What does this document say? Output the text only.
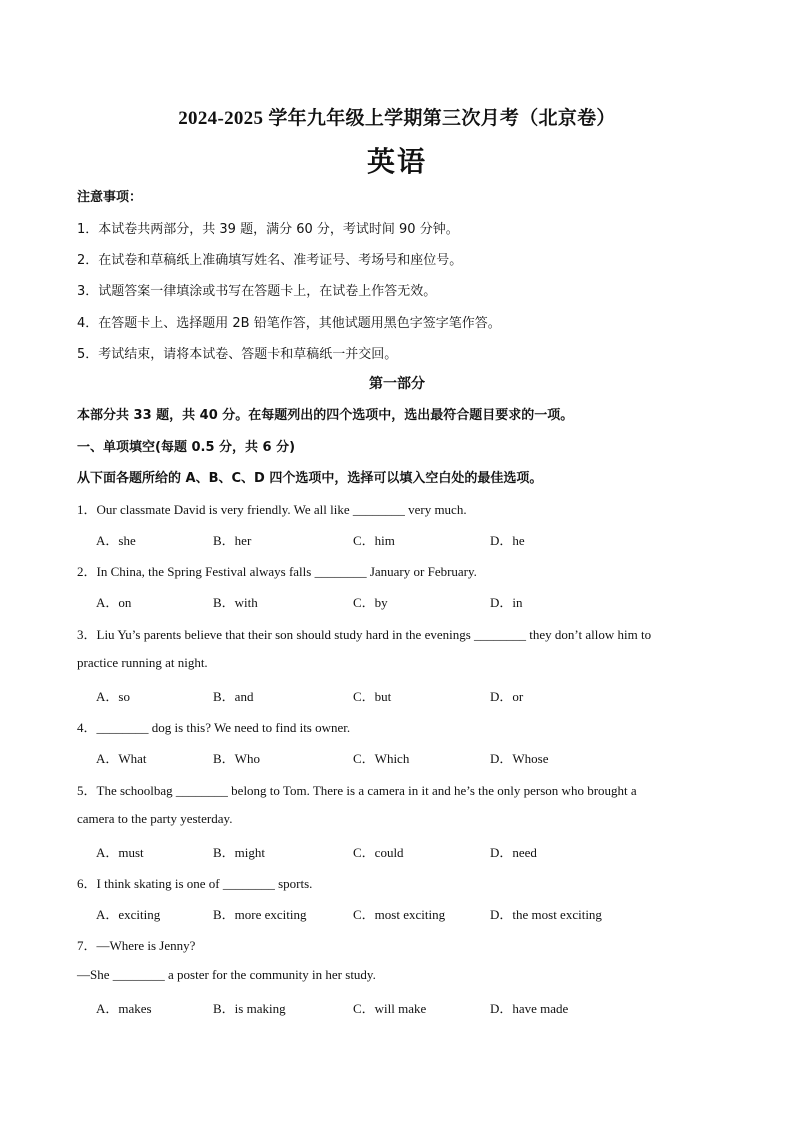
2024-2025 学年九年级上学期第三次月考（北京卷）
英语
注意事项：
1．本试卷共两部分，共 39 题，满分 60 分，考试时间 90 分钟。
2．在试卷和草稿纸上准确填写姓名、准考证号、考场号和座位号。
3．试题答案一律填涂或书写在答题卡上，在试卷上作答无效。
4．在答题卡上、选择题用 2B 铅笔作答，其他试题用黑色字签字笔作答。
5．考试结束，请将本试卷、答题卡和草稿纸一并交回。
第一部分
本部分共 33 题，共 40 分。在每题列出的四个选项中，选出最符合题目要求的一项。
一、单项填空(每题 0.5 分，共 6 分)
从下面各题所给的 A、B、C、D 四个选项中，选择可以填入空白处的最佳选项。
1．Our classmate David is very friendly. We all like ________ very much.
A．she	B．her	C．him	D．he
2．In China, the Spring Festival always falls ________ January or February.
A．on	B．with	C．by	D．in
3．Liu Yu’s parents believe that their son should study hard in the evenings ________ they don’t allow him to
practice running at night.
A．so	B．and	C．but	D．or
4．________ dog is this? We need to find its owner.
A．What	B．Who	C．Which	D．Whose
5．The schoolbag ________ belong to Tom. There is a camera in it and he’s the only person who brought a
camera to the party yesterday.
A．must	B．might	C．could	D．need
6．I think skating is one of ________ sports.
A．exciting	B．more exciting	C．most exciting	D．the most exciting
7．—Where is Jenny?
—She ________ a poster for the community in her study.
A．makes	B．is making	C．will make	D．have made
